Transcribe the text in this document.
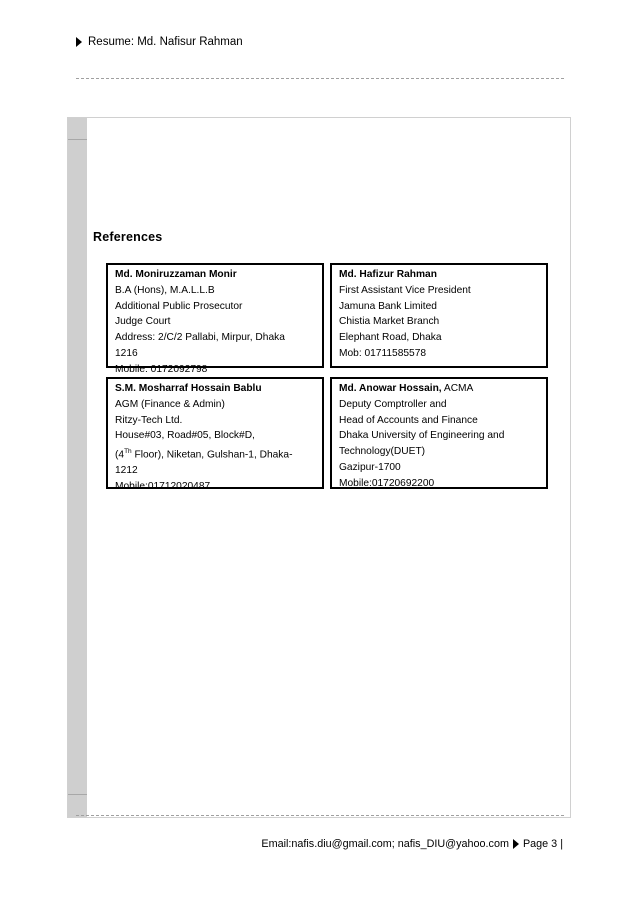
Resume: Md. Nafisur Rahman
References
Md. Moniruzzaman Monir
B.A (Hons), M.A.L.L.B
Additional Public Prosecutor
Judge Court
Address: 2/C/2 Pallabi, Mirpur, Dhaka
1216
Mobile: 0172092798
Md. Hafizur Rahman
First Assistant Vice President
Jamuna Bank Limited
Chistia Market Branch
Elephant Road, Dhaka
Mob: 01711585578
S.M. Mosharraf Hossain Bablu
AGM (Finance & Admin)
Ritzy-Tech Ltd.
House#03, Road#05, Block#D,
(4Th Floor), Niketan, Gulshan-1, Dhaka-
1212
Mobile:01712020487
Md. Anowar Hossain, ACMA
Deputy Comptroller and
Head of Accounts and Finance
Dhaka University of Engineering and
Technology(DUET)
Gazipur-1700
Mobile:01720692200
Email:nafis.diu@gmail.com; nafis_DIU@yahoo.com Page 3 |
